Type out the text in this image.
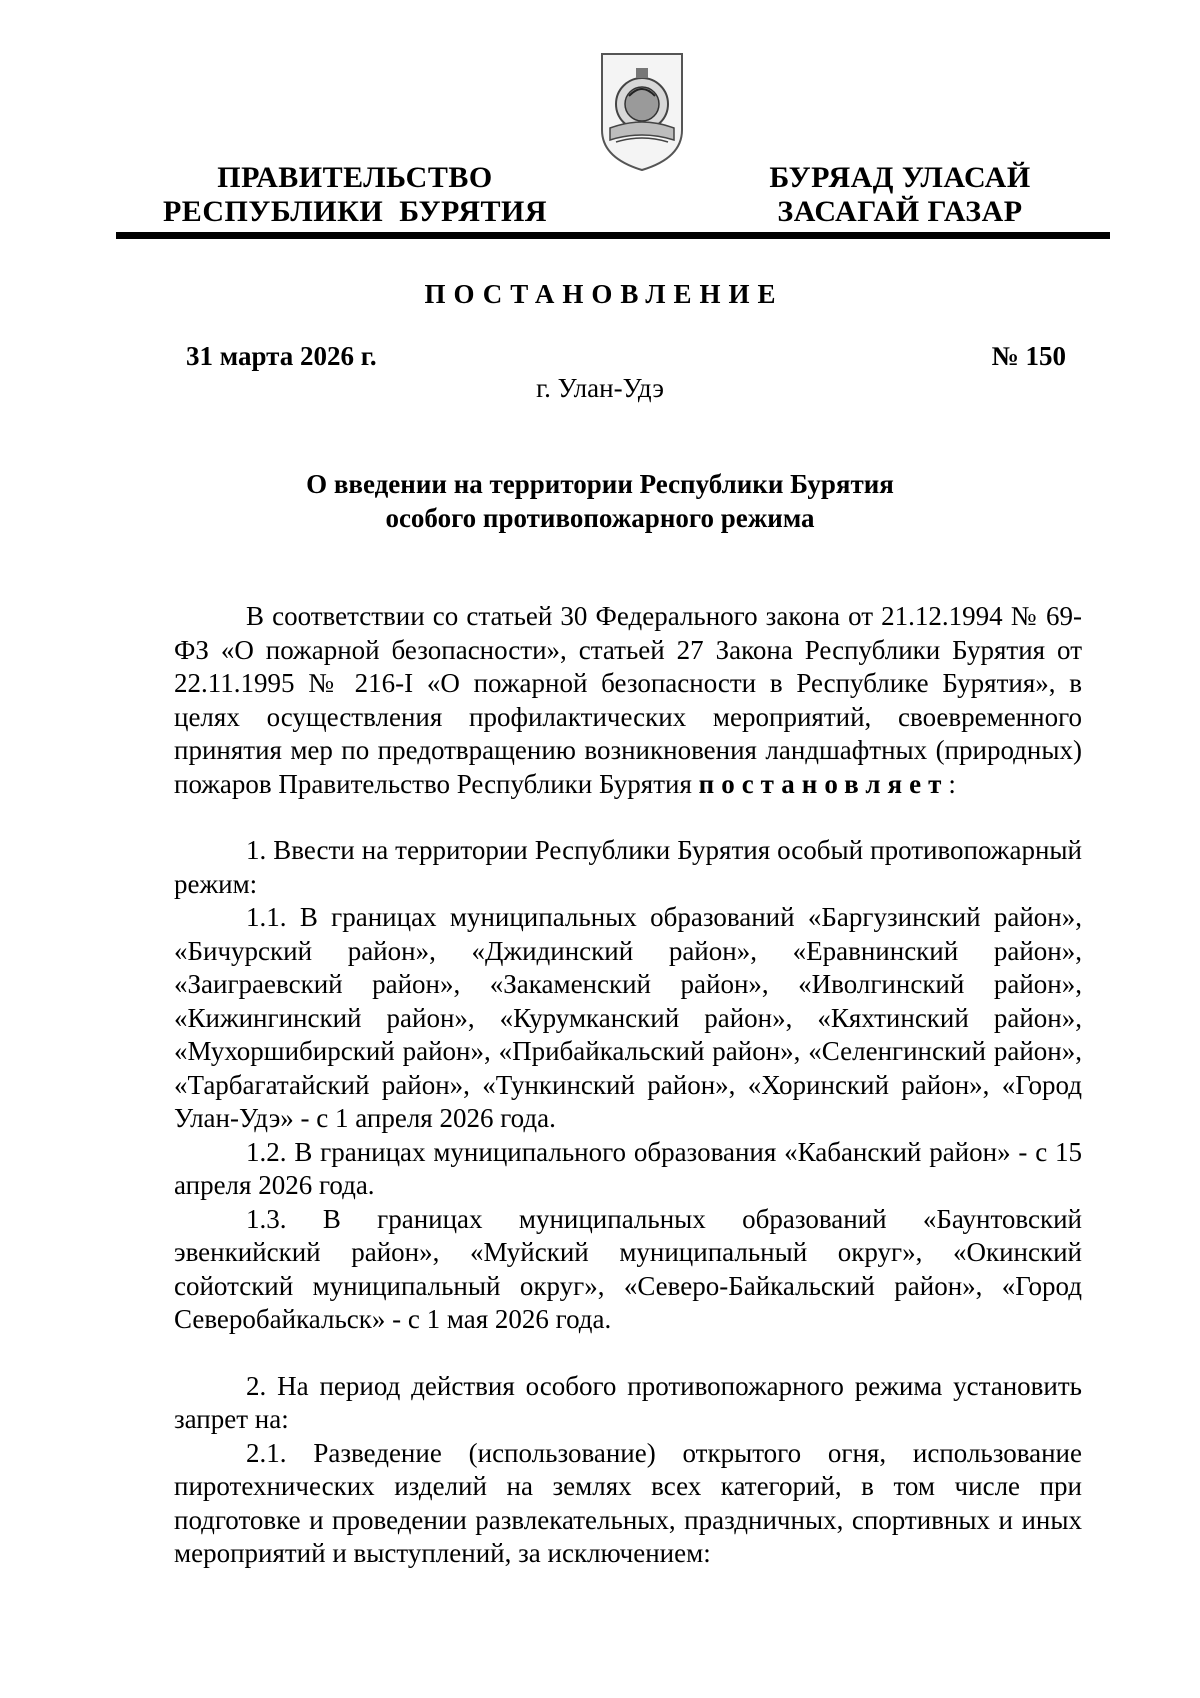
ПРАВИТЕЛЬСТВО
РЕСПУБЛИКИ  БУРЯТИЯ
БУРЯАД УЛАСАЙ
ЗАСАГАЙ ГАЗАР
ПОСТАНОВЛЕНИЕ
31 марта 2026 г.	№ 150
г. Улан-Удэ
О введении на территории Республики Бурятия
особого противопожарного режима

В соответствии со статьей 30 Федерального закона от 21.12.1994 № 69-ФЗ «О пожарной безопасности», статьей 27 Закона Республики Бурятия от 22.11.1995 № 216-I «О пожарной безопасности в Республике Бурятия», в целях осуществления профилактических мероприятий, своевременного принятия мер по предотвращению возникновения ландшафтных (природных) пожаров Правительство Республики Бурятия постановляет:

1. Ввести на территории Республики Бурятия особый противопожарный режим:

1.1. В границах муниципальных образований «Баргузинский район», «Бичурский район», «Джидинский район», «Еравнинский район», «Заиграевский район», «Закаменский район», «Иволгинский район», «Кижингинский район», «Курумканский район», «Кяхтинский район», «Мухоршибирский район», «Прибайкальский район», «Селенгинский район», «Тарбагатайский район», «Тункинский район», «Хоринский район», «Город Улан-Удэ» - с 1 апреля 2026 года.

1.2. В границах муниципального образования «Кабанский район» - с 15 апреля 2026 года.

1.3. В границах муниципальных образований «Баунтовский эвенкийский район», «Муйский муниципальный округ», «Окинский сойотский муниципальный округ», «Северо-Байкальский район», «Город Северобайкальск» - с 1 мая 2026 года.

2. На период действия особого противопожарного режима установить запрет на:

2.1. Разведение (использование) открытого огня, использование пиротехнических изделий на землях всех категорий, в том числе при подготовке и проведении развлекательных, праздничных, спортивных и иных мероприятий и выступлений, за исключением:
